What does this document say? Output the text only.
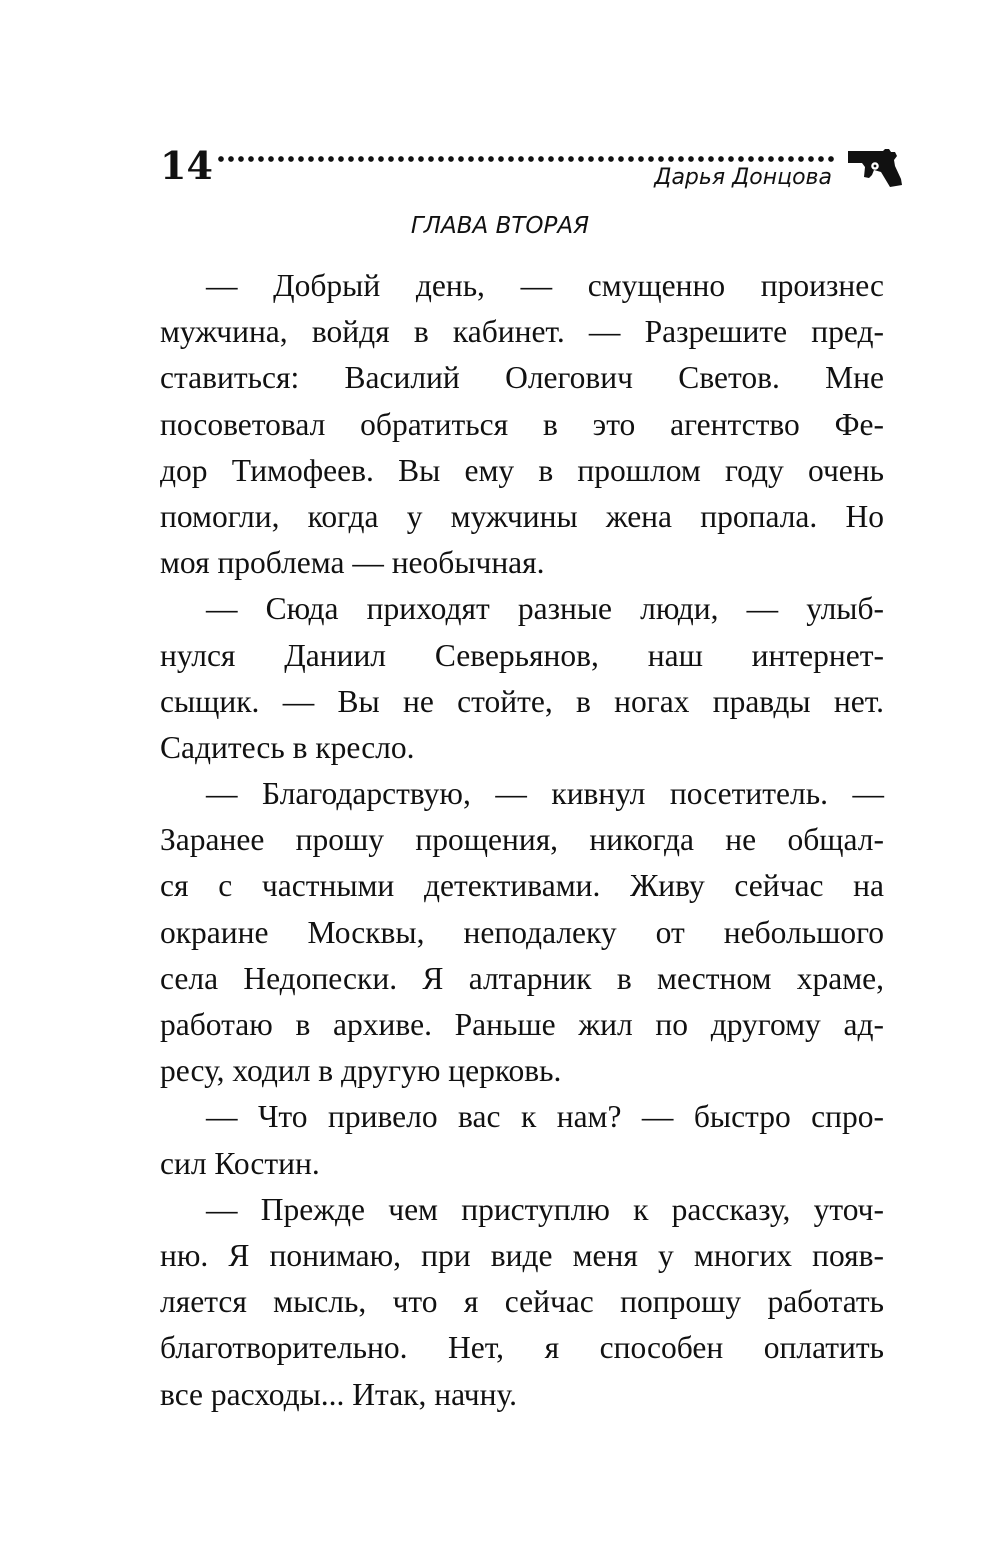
14	Дарья Донцова
ГЛАВА ВТОРАЯ
— Добрый день, — смущенно произнес
мужчина, войдя в кабинет. — Разрешите пред-
ставиться: Василий Олегович Светов. Мне
посоветовал обратиться в это агентство Фе-
дор Тимофеев. Вы ему в прошлом году очень
помогли, когда у мужчины жена пропала. Но
моя проблема — необычная.
— Сюда приходят разные люди, — улыб-
нулся Даниил Северьянов, наш интернет-
сыщик. — Вы не стойте, в ногах правды нет.
Садитесь в кресло.
— Благодарствую, — кивнул посетитель. —
Заранее прошу прощения, никогда не общал-
ся с частными детективами. Живу сейчас на
окраине Москвы, неподалеку от небольшого
села Недопески. Я алтарник в местном храме,
работаю в архиве. Раньше жил по другому ад-
ресу, ходил в другую церковь.
— Что привело вас к нам? — быстро спро-
сил Костин.
— Прежде чем приступлю к рассказу, уточ-
ню. Я понимаю, при виде меня у многих появ-
ляется мысль, что я сейчас попрошу работать
благотворительно. Нет, я способен оплатить
все расходы... Итак, начну.
